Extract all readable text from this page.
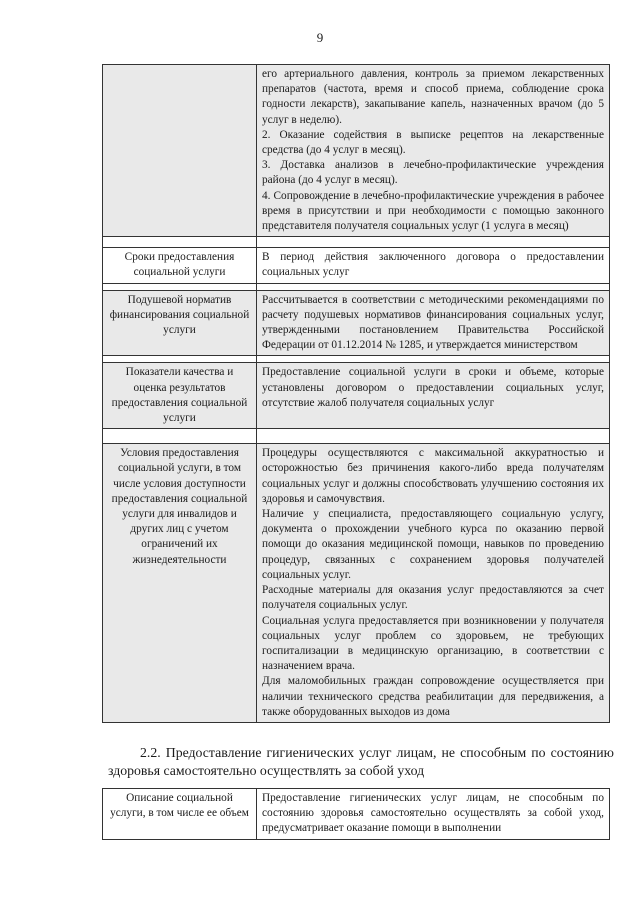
9

	его артериального давления, контроль за приемом лекарственных препаратов (частота, время и способ приема, соблюдение срока годности лекарств), закапывание капель, назначенных врачом (до 5 услуг в неделю).

2. Оказание содействия в выписке рецептов на лекарственные средства (до 4 услуг в месяц).

3. Доставка анализов в лечебно-профилактические учреждения района (до 4 услуг в месяц).

4. Сопровождение в лечебно-профилактические учреждения в рабочее время в присутствии и при необходимости с помощью законного представителя получателя социальных услуг (1 услуга в месяц)

Сроки предоставления социальной услуги	В период действия заключенного договора о предоставлении социальных услуг

Подушевой норматив финансирования социальной услуги	Рассчитывается в соответствии с методическими рекомендациями по расчету подушевых нормативов финансирования социальных услуг, утвержденными постановлением Правительства Российской Федерации от 01.12.2014 № 1285, и утверждается министерством

Показатели качества и оценка результатов предоставления социальной услуги	Предоставление социальной услуги в сроки и объеме, которые установлены договором о предоставлении социальных услуг, отсутствие жалоб получателя социальных услуг

Условия предоставления социальной услуги, в том числе условия доступности предоставления социальной услуги для инвалидов и других лиц с учетом ограничений их жизнедеятельности	Процедуры осуществляются с максимальной аккуратностью и осторожностью без причинения какого-либо вреда получателям социальных услуг и должны способствовать улучшению состояния их здоровья и самочувствия.

Наличие у специалиста, предоставляющего социальную услугу, документа о прохождении учебного курса по оказанию первой помощи до оказания медицинской помощи, навыков по проведению процедур, связанных с сохранением здоровья получателей социальных услуг.

Расходные материалы для оказания услуг предоставляются за счет получателя социальных услуг.

Социальная услуга предоставляется при возникновении у получателя социальных услуг проблем со здоровьем, не требующих госпитализации в медицинскую организацию, в соответствии с назначением врача.

Для маломобильных граждан сопровождение осуществляется при наличии технического средства реабилитации для передвижения, а также оборудованных выходов из дома

2.2. Предоставление гигиенических услуг лицам, не способным по состоянию здоровья самостоятельно осуществлять за собой уход
Описание социальной услуги, в том числе ее объем	Предоставление гигиенических услуг лицам, не способным по состоянию здоровья самостоятельно осуществлять за собой уход, предусматривает оказание помощи в выполнении
